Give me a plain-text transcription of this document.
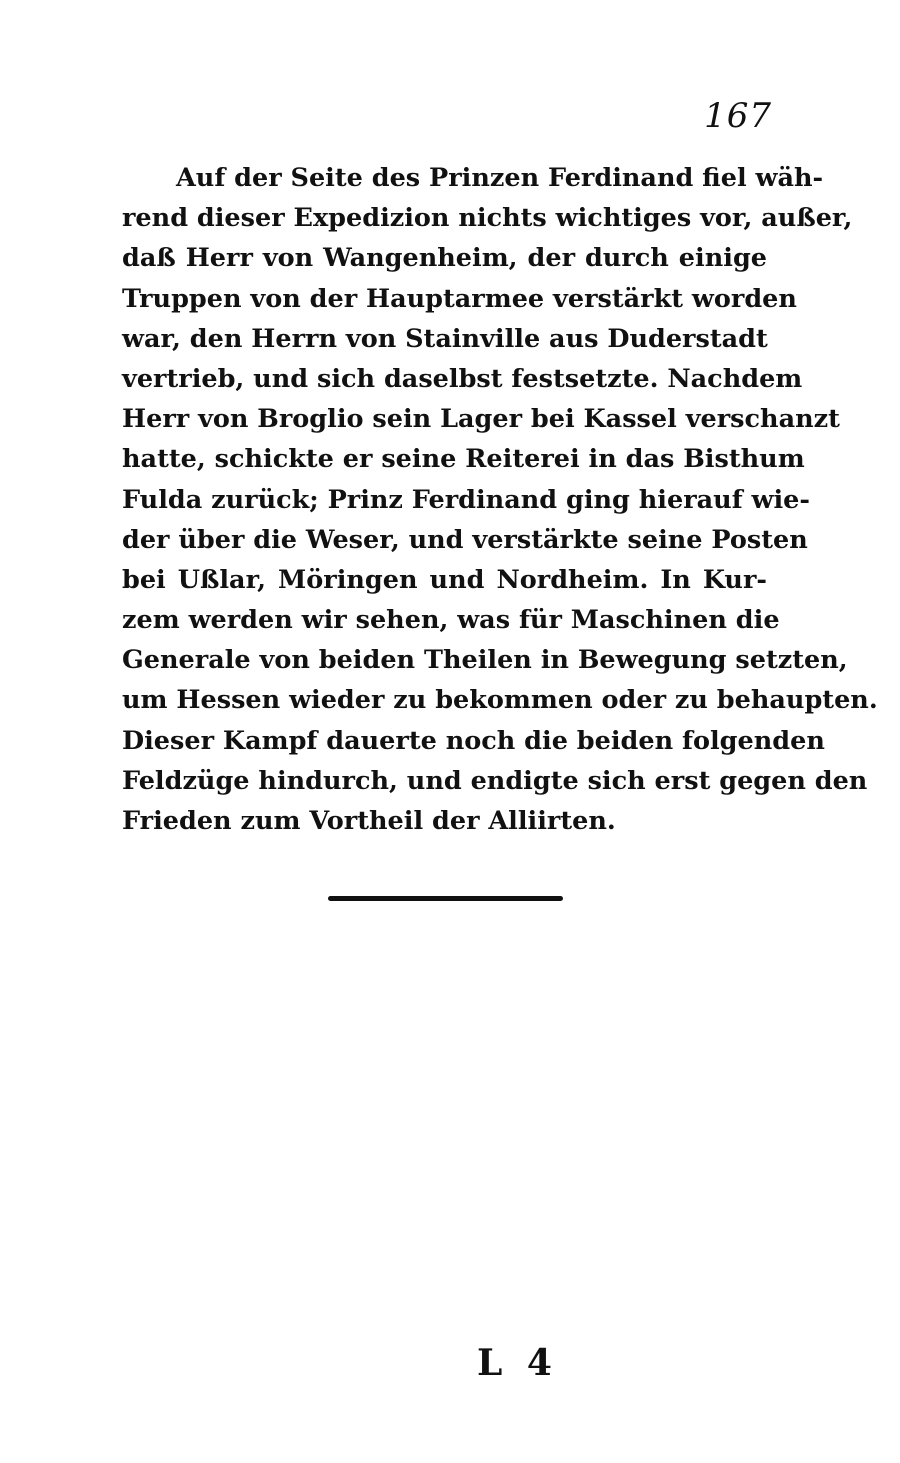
167
Auf der Seite des Prinzen Ferdinand fiel wäh-
rend dieser Expedizion nichts wichtiges vor, außer,
daß Herr von Wangenheim, der durch einige
Truppen von der Hauptarmee verstärkt worden
war, den Herrn von Stainville aus Duderstadt
vertrieb, und sich daselbst festsetzte. Nachdem
Herr von Broglio sein Lager bei Kassel verschanzt
hatte, schickte er seine Reiterei in das Bisthum
Fulda zurück; Prinz Ferdinand ging hierauf wie-
der über die Weser, und verstärkte seine Posten
bei Ußlar, Möringen und Nordheim. In Kur-
zem werden wir sehen, was für Maschinen die
Generale von beiden Theilen in Bewegung setzten,
um Hessen wieder zu bekommen oder zu behaupten.
Dieser Kampf dauerte noch die beiden folgenden
Feldzüge hindurch, und endigte sich erst gegen den
Frieden zum Vortheil der Alliirten.
L 4
